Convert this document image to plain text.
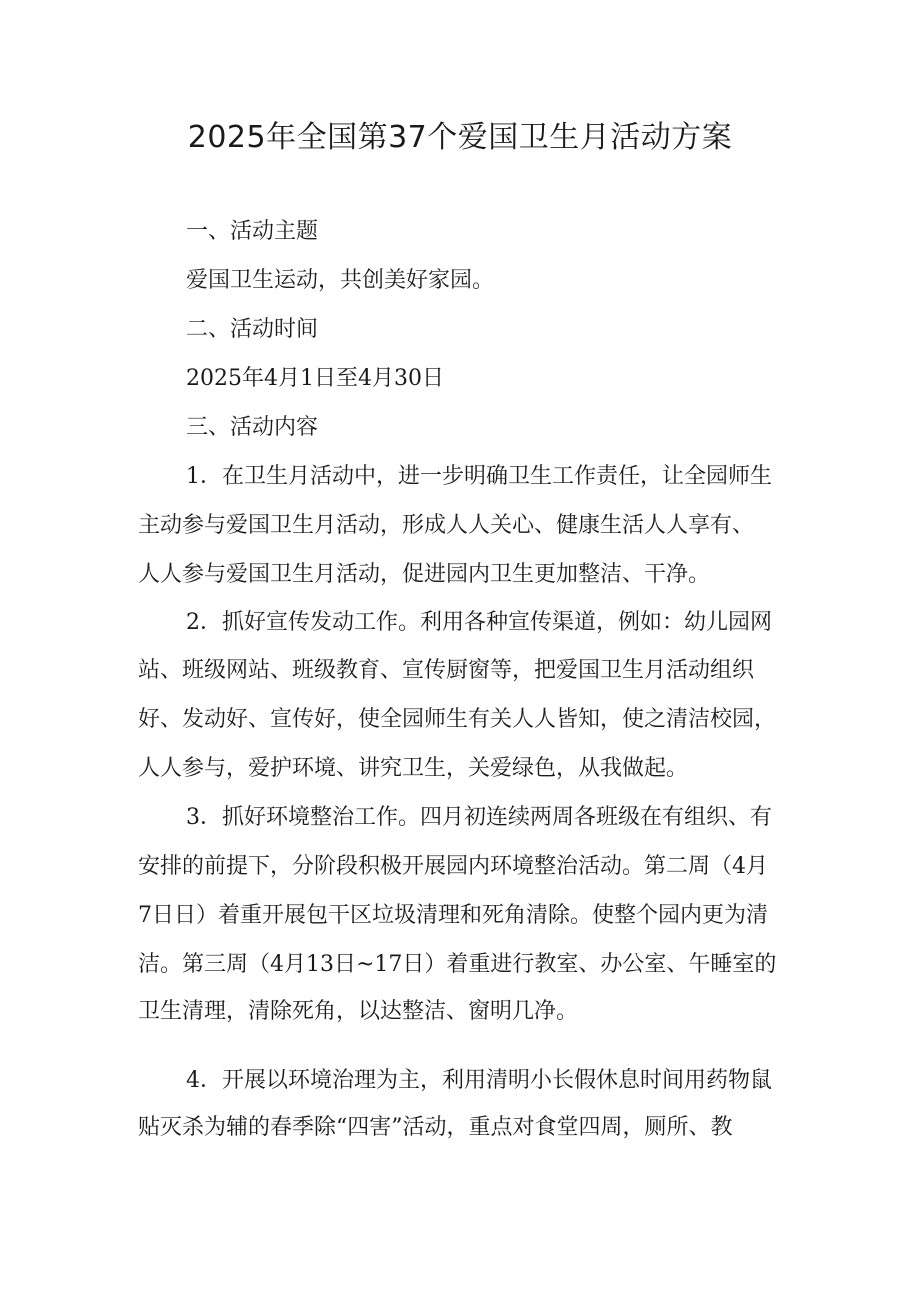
2025年全国第37个爱国卫生月活动方案

一、活动主题

爱国卫生运动，共创美好家园。

二、活动时间

2025年4月1日至4月30日

三、活动内容

1．在卫生月活动中，进一步明确卫生工作责任，让全园师生

主动参与爱国卫生月活动，形成人人关心、健康生活人人享有、

人人参与爱国卫生月活动，促进园内卫生更加整洁、干净。

2．抓好宣传发动工作。利用各种宣传渠道，例如：幼儿园网

站、班级网站、班级教育、宣传厨窗等，把爱国卫生月活动组织

好、发动好、宣传好，使全园师生有关人人皆知，使之清洁校园，

人人参与，爱护环境、讲究卫生，关爱绿色，从我做起。

3．抓好环境整治工作。四月初连续两周各班级在有组织、有

安排的前提下，分阶段积极开展园内环境整治活动。第二周（4月

7日日）着重开展包干区垃圾清理和死角清除。使整个园内更为清

洁。第三周（4月13日~17日）着重进行教室、办公室、午睡室的

卫生清理，清除死角，以达整洁、窗明几净。

4．开展以环境治理为主，利用清明小长假休息时间用药物鼠

贴灭杀为辅的春季除“四害”活动，重点对食堂四周，厕所、教
